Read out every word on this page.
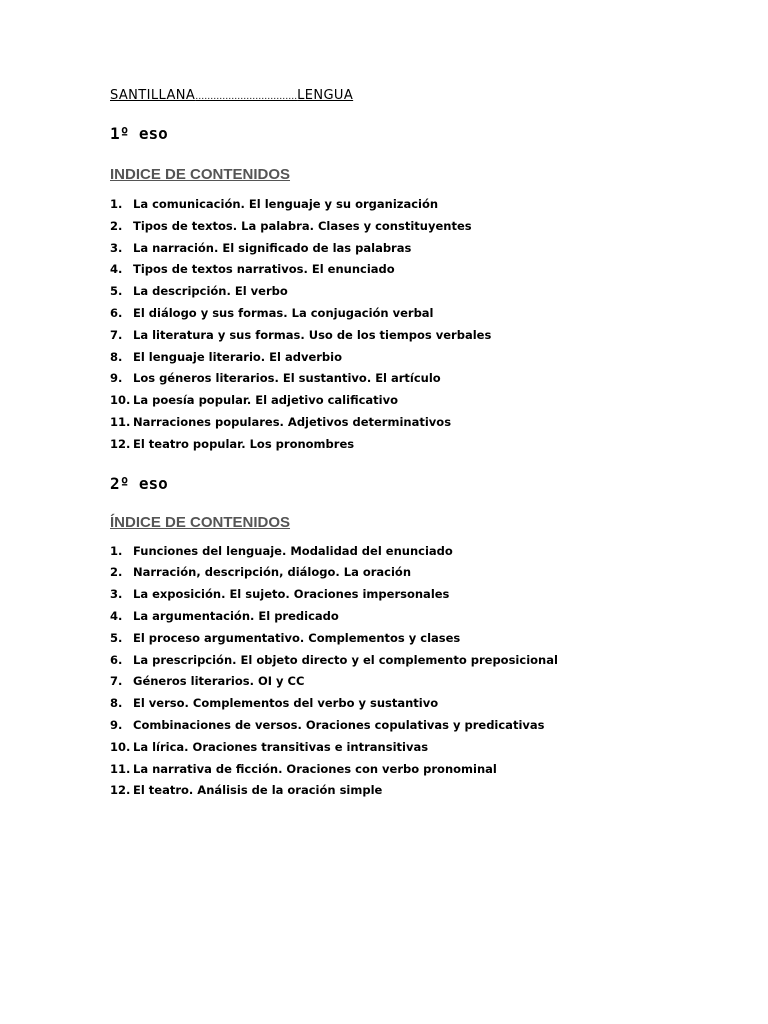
SANTILLANA…………………………….LENGUA
1º eso
INDICE DE CONTENIDOS
1. La comunicación. El lenguaje y su organización
2. Tipos de textos. La palabra. Clases y constituyentes
3. La narración. El significado de las palabras
4. Tipos de textos narrativos. El enunciado
5. La descripción. El verbo
6. El diálogo y sus formas. La conjugación verbal
7. La literatura y sus formas. Uso de los tiempos verbales
8. El lenguaje literario. El adverbio
9. Los géneros literarios. El sustantivo. El artículo
10. La poesía popular. El adjetivo calificativo
11. Narraciones populares. Adjetivos determinativos
12. El teatro popular. Los pronombres
2º eso
ÍNDICE DE CONTENIDOS
1. Funciones del lenguaje. Modalidad del enunciado
2. Narración, descripción, diálogo. La oración
3. La exposición. El sujeto. Oraciones impersonales
4. La argumentación. El predicado
5. El proceso argumentativo. Complementos y clases
6. La prescripción. El objeto directo y el complemento preposicional
7. Géneros literarios. OI y CC
8. El verso. Complementos del verbo y sustantivo
9. Combinaciones de versos. Oraciones copulativas y predicativas
10. La lírica. Oraciones transitivas e intransitivas
11. La narrativa de ficción. Oraciones con verbo pronominal
12. El teatro. Análisis de la oración simple
